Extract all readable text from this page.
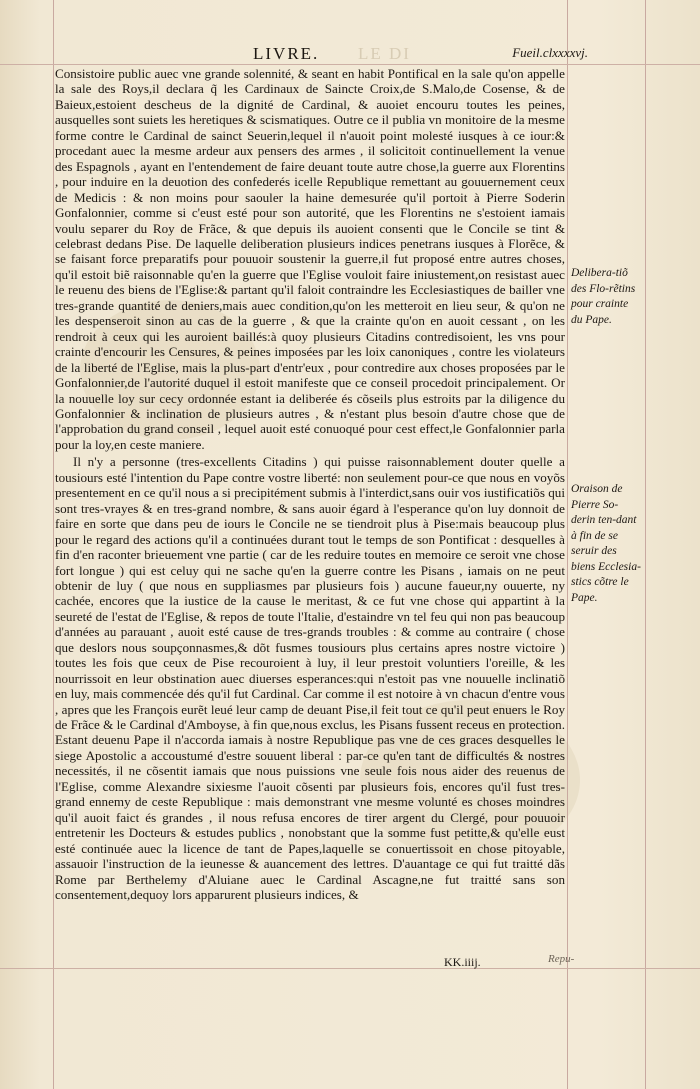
LIVRE. LE DI	Fueil.clxxxxvj.

Consistoire public auec vne grande solennité, & seant en habit Pontifical en la sale qu'on appelle la sale des Roys,il declara q̃ les Cardinaux de Saincte Croix,de S.Malo,de Cosense, & de Baieux,estoient descheus de la dignité de Cardinal, & auoiet encouru toutes les peines, ausquelles sont suiets les heretiques & scismatiques. Outre ce il publia vn monitoire de la mesme forme contre le Cardinal de sainct Seuerin,lequel il n'auoit point molesté iusques à ce iour:& procedant auec la mesme ardeur aux pensers des armes , il solicitoit continuellement la venue des Espagnols , ayant en l'entendement de faire deuant toute autre chose,la guerre aux Florentins , pour induire en la deuotion des confederés icelle Republique remettant au gouuernement ceux de Medicis : & non moins pour saouler la haine demesurée qu'il portoit à Pierre Soderin Gonfalonnier, comme si c'eust esté pour son autorité, que les Florentins ne s'estoient iamais voulu separer du Roy de Frãce, & que depuis ils auoient consenti que le Concile se tint & celebrast dedans Pise. De laquelle deliberation plusieurs indices penetrans iusques à Florẽce, & se faisant force preparatifs pour pouuoir soustenir la guerre,il fut proposé entre autres choses, qu'il estoit biẽ raisonnable qu'en la guerre que l'Eglise vouloit faire iniustement,on resistast auec le reuenu des biens de l'Eglise:& partant qu'il faloit contraindre les Ecclesiastiques de bailler vne tres-grande quantité de deniers,mais auec condition,qu'on les metteroit en lieu seur, & qu'on ne les despenseroit sinon au cas de la guerre , & que la crainte qu'on en auoit cessant , on les rendroit à ceux qui les auroient baillés:à quoy plusieurs Citadins contredisoient, les vns pour crainte d'encourir les Censures, & peines imposées par les loix canoniques , contre les violateurs de la liberté de l'Eglise, mais la plus-part d'entr'eux , pour contredire aux choses proposées par le Gonfalonnier,de l'autorité duquel il estoit manifeste que ce conseil procedoit principalement. Or la nouuelle loy sur cecy ordonnée estant ia deliberée és cõseils plus estroits par la diligence du Gonfalonnier & inclination de plusieurs autres , & n'estant plus besoin d'autre chose que de l'approbation du grand conseil , lequel auoit esté conuoqué pour cest effect,le Gonfalonnier parla pour la loy,en ceste maniere.

Il n'y a personne (tres-excellents Citadins ) qui puisse raisonnablement douter quelle a tousiours esté l'intention du Pape contre vostre liberté: non seulement pour-ce que nous en voyõs presentement en ce qu'il nous a si precipitément submis à l'interdict,sans ouir vos iustificatiõs qui sont tres-vrayes & en tres-grand nombre, & sans auoir égard à l'esperance qu'on luy donnoit de faire en sorte que dans peu de iours le Concile ne se tiendroit plus à Pise:mais beaucoup plus pour le regard des actions qu'il a continuées durant tout le temps de son Pontificat : desquelles à fin d'en raconter brieuement vne partie ( car de les reduire toutes en memoire ce seroit vne chose fort longue ) qui est celuy qui ne sache qu'en la guerre contre les Pisans , iamais on ne peut obtenir de luy ( que nous en suppliasmes par plusieurs fois ) aucune faueur,ny ouuerte, ny cachée, encores que la iustice de la cause le meritast, & ce fut vne chose qui appartint à la seureté de l'estat de l'Eglise, & repos de toute l'Italie, d'estaindre vn tel feu qui non pas beaucoup d'années au parauant , auoit esté cause de tres-grands troubles : & comme au contraire ( chose que deslors nous soupçonnasmes,& dõt fusmes tousiours plus certains apres nostre victoire ) toutes les fois que ceux de Pise recouroient à luy, il leur prestoit voluntiers l'oreille, & les nourrissoit en leur obstination auec diuerses esperances:qui n'estoit pas vne nouuelle inclinatiõ en luy, mais commencée dés qu'il fut Cardinal. Car comme il est notoire à vn chacun d'entre vous , apres que les François eurẽt leué leur camp de deuant Pise,il feit tout ce qu'il peut enuers le Roy de Frãce & le Cardinal d'Amboyse, à fin que,nous exclus, les Pisans fussent receus en protection. Estant deuenu Pape il n'accorda iamais à nostre Republique pas vne de ces graces desquelles le siege Apostolic a accoustumé d'estre souuent liberal : par-ce qu'en tant de difficultés & nostres necessités, il ne cõsentit iamais que nous puissions vne seule fois nous aider des reuenus de l'Eglise, comme Alexandre sixiesme l'auoit cõsenti par plusieurs fois, encores qu'il fust tres-grand ennemy de ceste Republique : mais demonstrant vne mesme volunté es choses moindres qu'il auoit faict és grandes , il nous refusa encores de tirer argent du Clergé, pour pouuoir entretenir les Docteurs & estudes publics , nonobstant que la somme fust petitte,& qu'elle eust esté continuée auec la licence de tant de Papes,laquelle se conuertissoit en chose pitoyable, assauoir l'instruction de la ieunesse & auancement des lettres. D'auantage ce qui fut traitté dãs Rome par Berthelemy d'Aluiane auec le Cardinal Ascagne,ne fut traitté sans son consentement,dequoy lors apparurent plusieurs indices, &

Delibera-tiõ des Flo-rẽtins pour crainte du Pape.
Oraison de Pierre So-derin ten-dant à fin de se seruir des biens Ecclesia-stics cõtre le Pape.
KK.iiij.	Repu-
